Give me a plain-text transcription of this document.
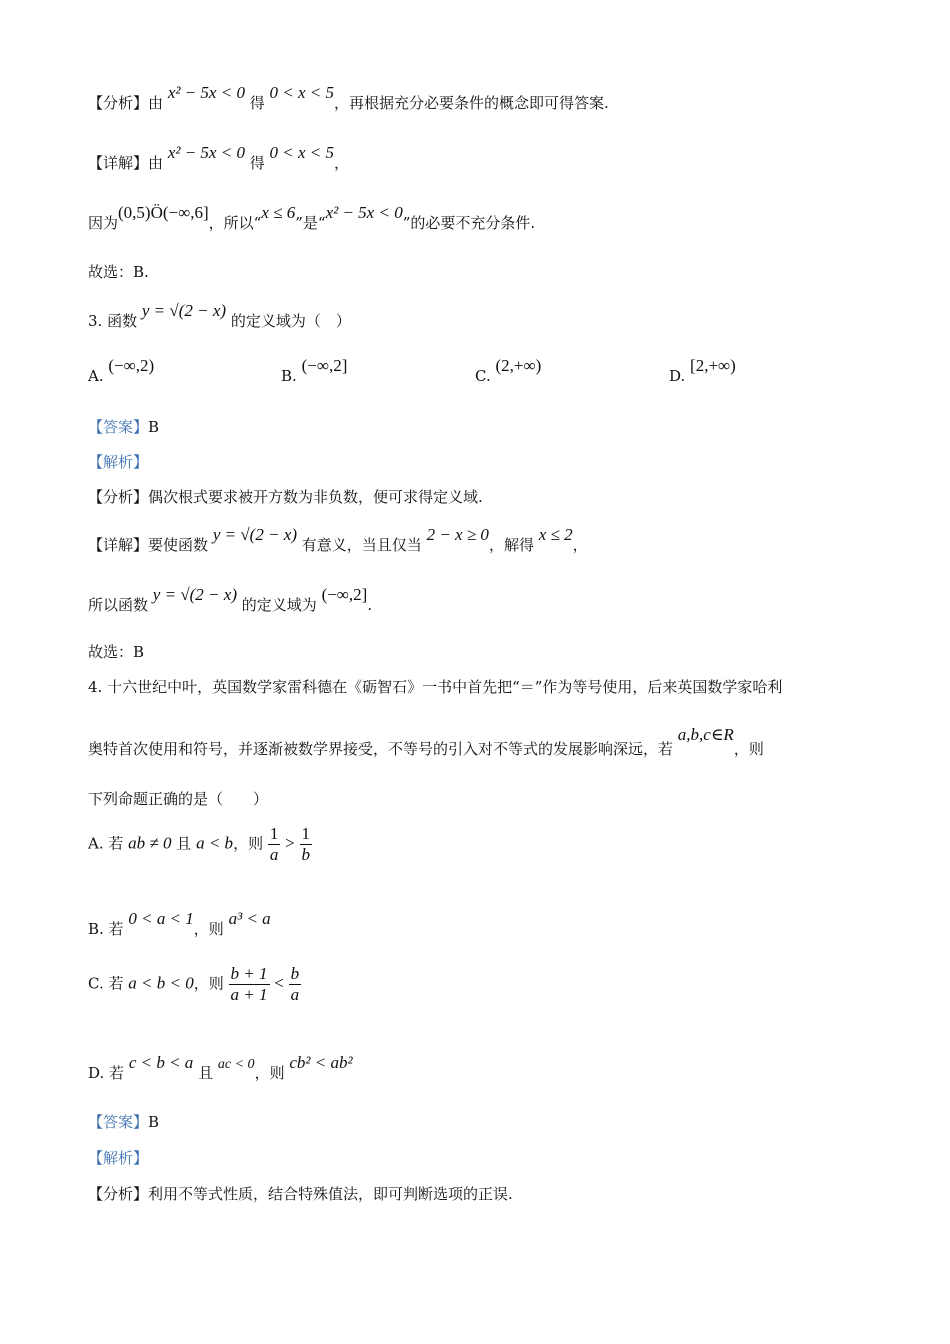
【分析】由 x² − 5x < 0 得 0 < x < 5，再根据充分必要条件的概念即可得答案.
【详解】由 x² − 5x < 0 得 0 < x < 5，
因为(0,5)Ö(−∞,6]，所以“x ≤ 6”是“x² − 5x < 0”的必要不充分条件.
故选：B.
3. 函数 y = √(2 − x) 的定义域为（　）
A. (−∞,2)
B. (−∞,2]
C. (2,+∞)
D. [2,+∞)
【答案】B
【解析】
【分析】偶次根式要求被开方数为非负数，便可求得定义域.
【详解】要使函数 y = √(2 − x) 有意义，当且仅当 2 − x ≥ 0，解得 x ≤ 2，
所以函数 y = √(2 − x) 的定义域为 (−∞,2].
故选：B
4. 十六世纪中叶，英国数学家雷科德在《砺智石》一书中首先把“＝”作为等号使用，后来英国数学家哈利
奥特首次使用和符号，并逐渐被数学界接受，不等号的引入对不等式的发展影响深远，若 a,b,c∈R，则
下列命题正确的是（　　）
A. 若 ab ≠ 0 且 a < b，则 $\frac{1}{a} > \frac{1}{b}$
B. 若 0 < a < 1，则 a³ < a
C. 若 a < b < 0，则 $\frac{b + 1}{a + 1} < \frac{b}{a}$
D. 若 c < b < a 且 ac < 0，则 cb² < ab²
【答案】B
【解析】
【分析】利用不等式性质，结合特殊值法，即可判断选项的正误.
